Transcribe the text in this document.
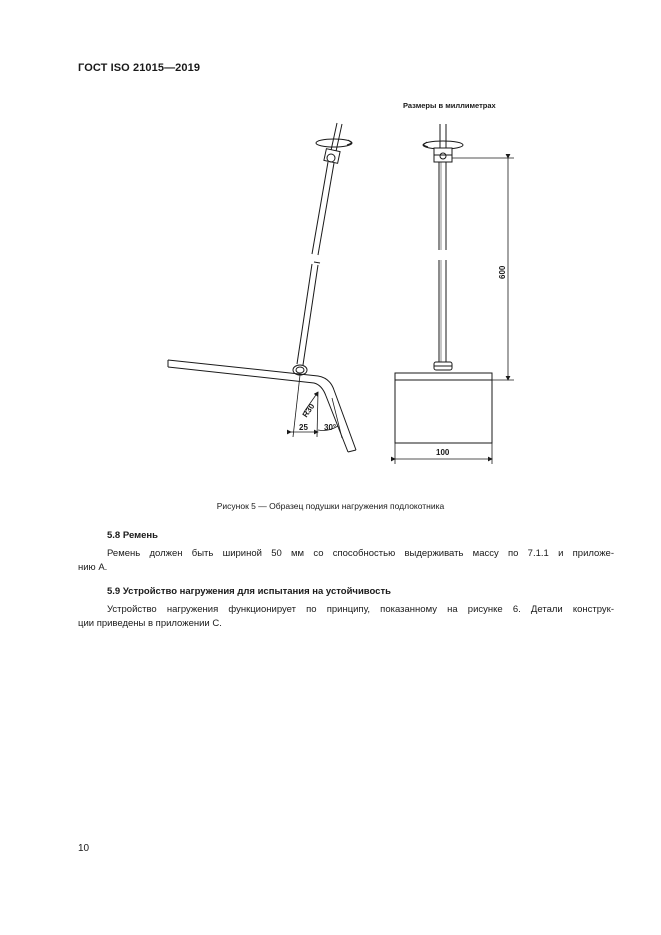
ГОСТ ISO 21015—2019
Размеры в миллиметрах
R30
25 30°
600
100
Рисунок 5 — Образец подушки нагружения подлокотника
5.8 Ремень
Ремень должен быть шириной 50 мм со способностью выдерживать массу по 7.1.1 и приложе-
нию А.
5.9 Устройство нагружения для испытания на устойчивость
Устройство нагружения функционирует по принципу, показанному на рисунке 6. Детали конструк-
ции приведены в приложении С.
10
